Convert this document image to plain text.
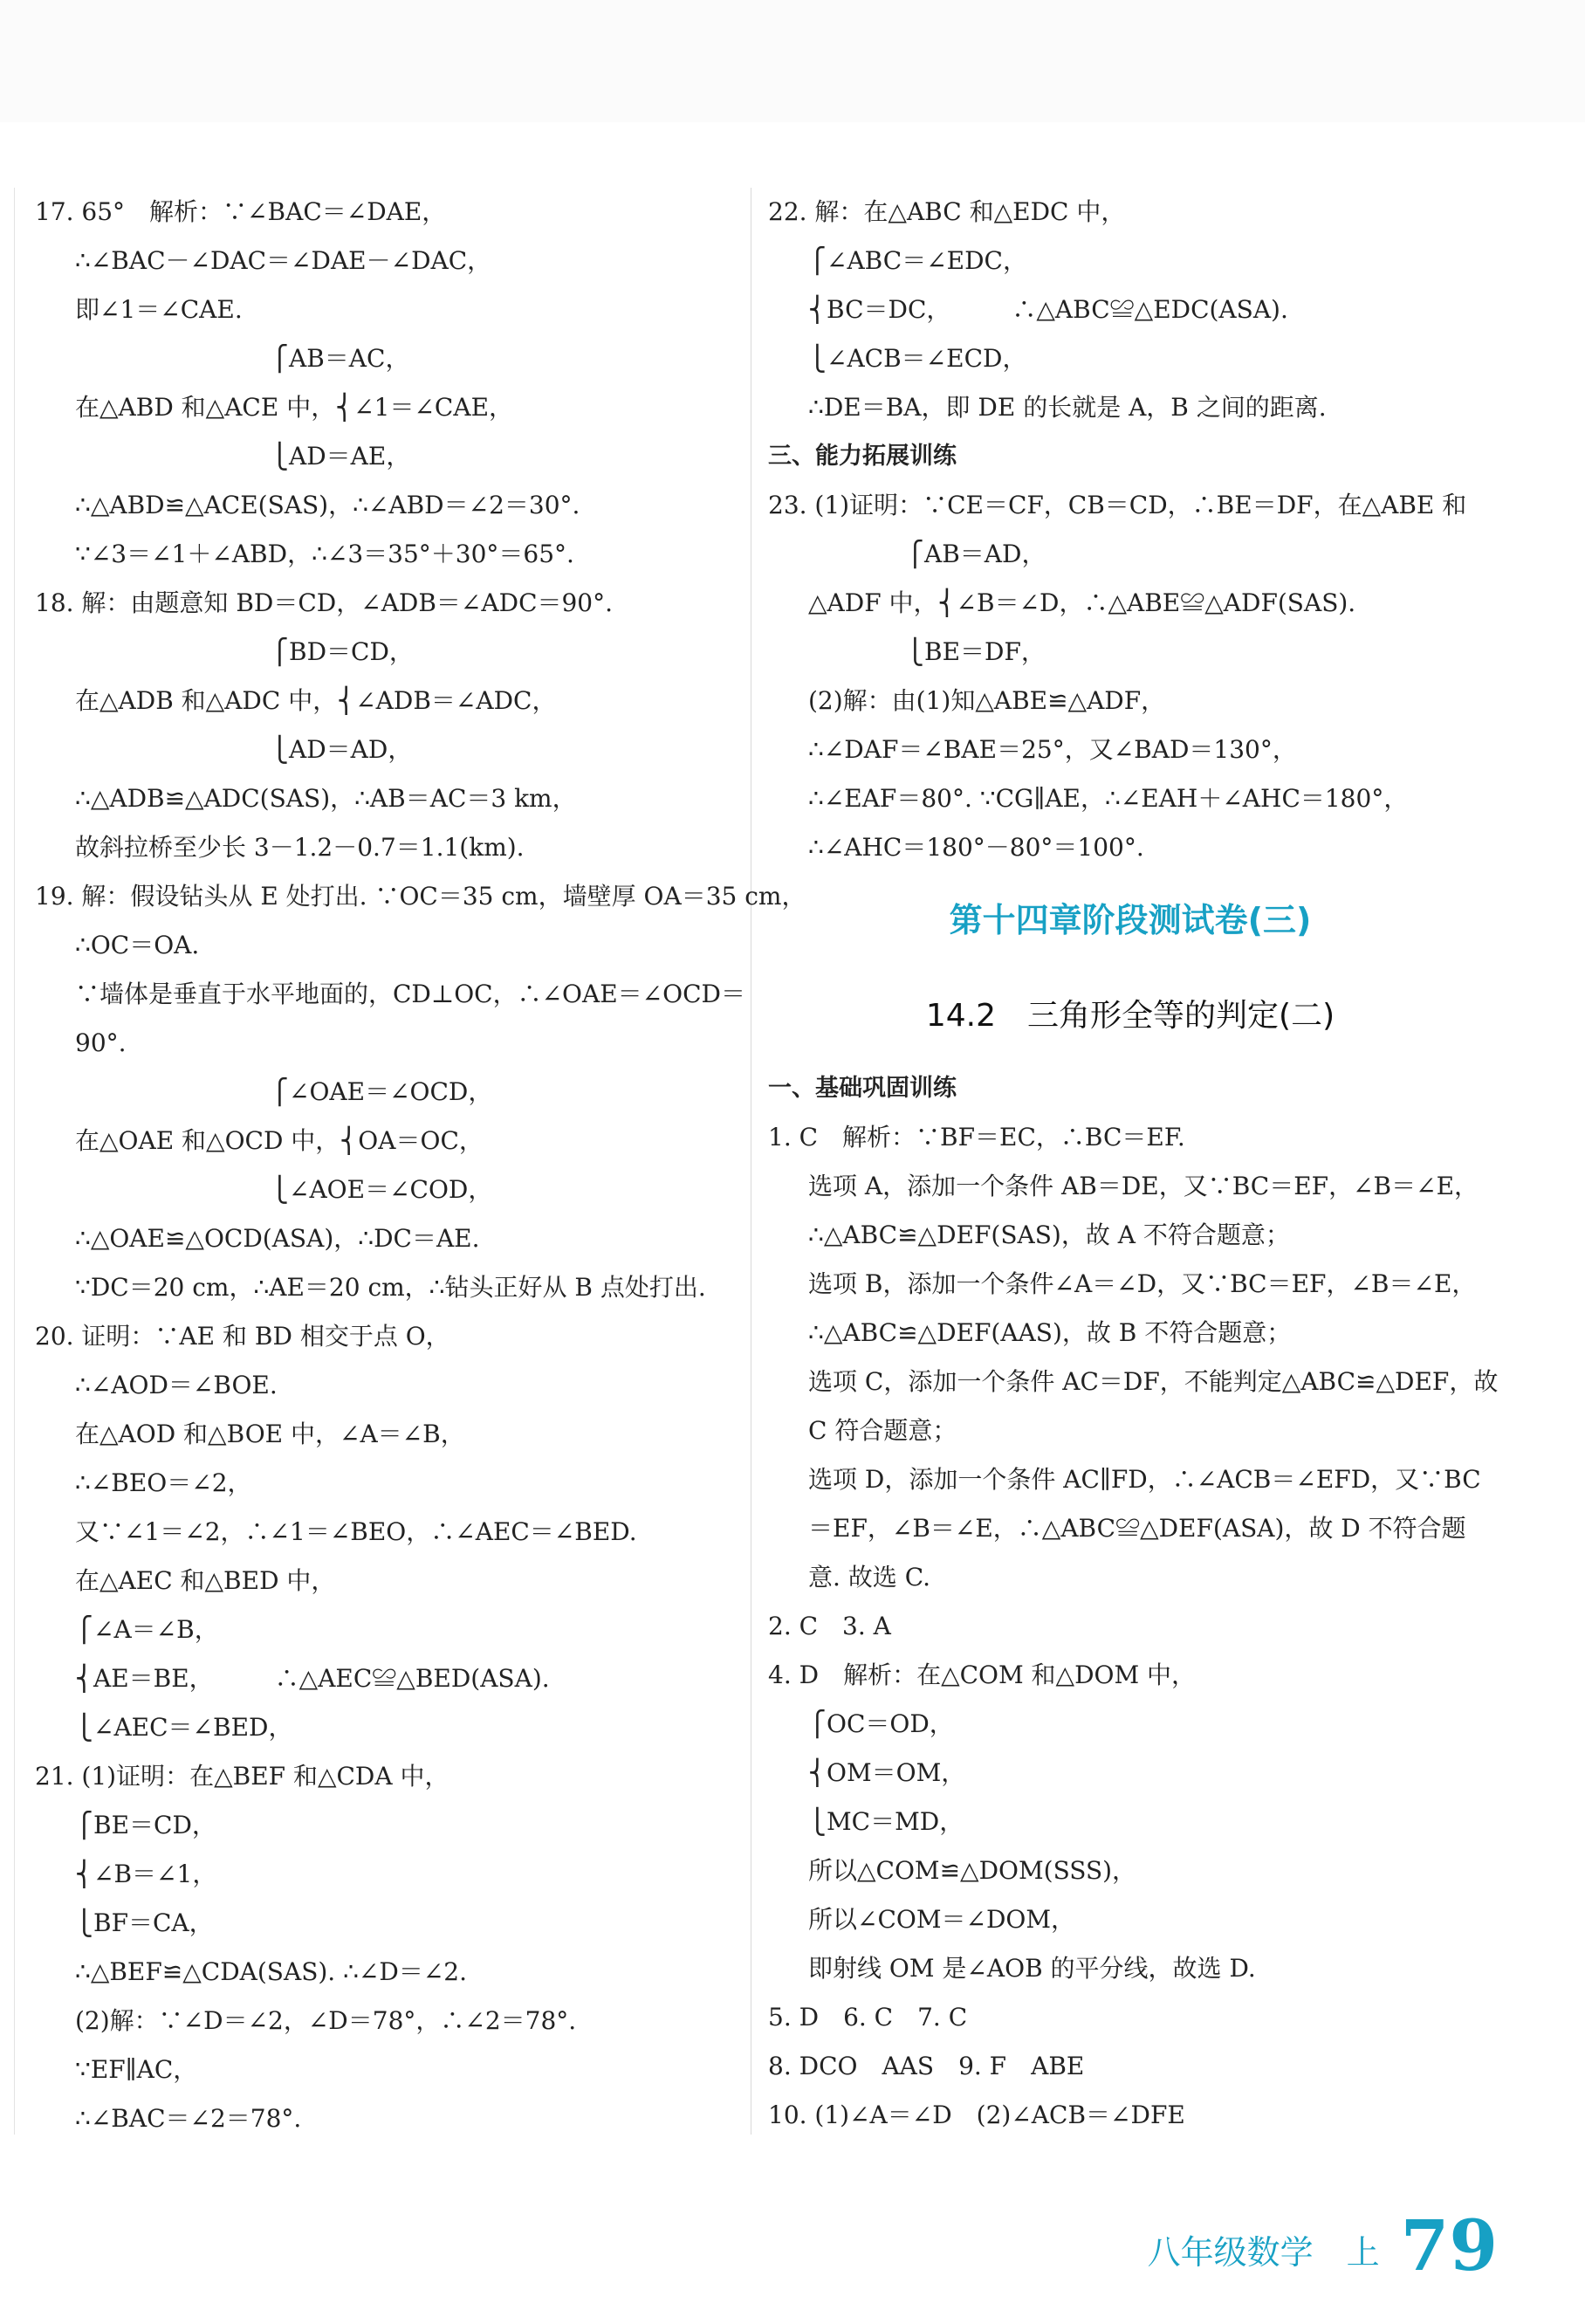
17. 65°　解析：∵∠BAC＝∠DAE，
∴∠BAC－∠DAC＝∠DAE－∠DAC，
即∠1＝∠CAE.
　　　　　　　　⎧AB＝AC，
在△ABD 和△ACE 中，⎨∠1＝∠CAE，
　　　　　　　　⎩AD＝AE，
∴△ABD≌△ACE(SAS)，∴∠ABD＝∠2＝30°.
∵∠3＝∠1＋∠ABD，∴∠3＝35°＋30°＝65°.
18. 解：由题意知 BD＝CD，∠ADB＝∠ADC＝90°.
　　　　　　　　⎧BD＝CD，
在△ADB 和△ADC 中，⎨∠ADB＝∠ADC，
　　　　　　　　⎩AD＝AD，
∴△ADB≌△ADC(SAS)，∴AB＝AC＝3 km，
故斜拉桥至少长 3－1.2－0.7＝1.1(km).
19. 解：假设钻头从 E 处打出. ∵OC＝35 cm，墙壁厚 OA＝35 cm，
∴OC＝OA.
∵墙体是垂直于水平地面的，CD⊥OC，∴∠OAE＝∠OCD＝
90°.
　　　　　　　　⎧∠OAE＝∠OCD，
在△OAE 和△OCD 中，⎨OA＝OC，
　　　　　　　　⎩∠AOE＝∠COD，
∴△OAE≌△OCD(ASA)，∴DC＝AE.
∵DC＝20 cm，∴AE＝20 cm，∴钻头正好从 B 点处打出.
20. 证明：∵AE 和 BD 相交于点 O，
∴∠AOD＝∠BOE.
在△AOD 和△BOE 中，∠A＝∠B，
∴∠BEO＝∠2，
又∵∠1＝∠2，∴∠1＝∠BEO，∴∠AEC＝∠BED.
在△AEC 和△BED 中，
⎧∠A＝∠B，
⎨AE＝BE，　　　∴△AEC≌△BED(ASA).
⎩∠AEC＝∠BED，
21. (1)证明：在△BEF 和△CDA 中，
⎧BE＝CD，
⎨∠B＝∠1，
⎩BF＝CA，
∴△BEF≌△CDA(SAS). ∴∠D＝∠2.
(2)解：∵∠D＝∠2，∠D＝78°，∴∠2＝78°.
∵EF∥AC，
∴∠BAC＝∠2＝78°.
22. 解：在△ABC 和△EDC 中，
⎧∠ABC＝∠EDC，
⎨BC＝DC，　　　∴△ABC≌△EDC(ASA).
⎩∠ACB＝∠ECD，
∴DE＝BA，即 DE 的长就是 A，B 之间的距离.
三、能力拓展训练
23. (1)证明：∵CE＝CF，CB＝CD，∴BE＝DF，在△ABE 和
　　　　⎧AB＝AD，
△ADF 中，⎨∠B＝∠D，∴△ABE≌△ADF(SAS).
　　　　⎩BE＝DF，
(2)解：由(1)知△ABE≌△ADF，
∴∠DAF＝∠BAE＝25°，又∠BAD＝130°，
∴∠EAF＝80°. ∵CG∥AE，∴∠EAH＋∠AHC＝180°，
∴∠AHC＝180°－80°＝100°.
第十四章阶段测试卷(三)
14.2　三角形全等的判定(二)
一、基础巩固训练
1. C　解析：∵BF＝EC，∴BC＝EF.
选项 A，添加一个条件 AB＝DE，又∵BC＝EF，∠B＝∠E，
∴△ABC≌△DEF(SAS)，故 A 不符合题意；
选项 B，添加一个条件∠A＝∠D，又∵BC＝EF，∠B＝∠E，
∴△ABC≌△DEF(AAS)，故 B 不符合题意；
选项 C，添加一个条件 AC＝DF，不能判定△ABC≌△DEF，故
C 符合题意；
选项 D，添加一个条件 AC∥FD，∴∠ACB＝∠EFD，又∵BC
＝EF，∠B＝∠E，∴△ABC≌△DEF(ASA)，故 D 不符合题
意. 故选 C.
2. C　3. A
4. D　解析：在△COM 和△DOM 中，
⎧OC＝OD，
⎨OM＝OM，
⎩MC＝MD，
所以△COM≌△DOM(SSS)，
所以∠COM＝∠DOM，
即射线 OM 是∠AOB 的平分线，故选 D.
5. D　6. C　7. C
8. DCO　AAS　9. F　ABE
10. (1)∠A＝∠D　(2)∠ACB＝∠DFE
八年级数学　上 79
